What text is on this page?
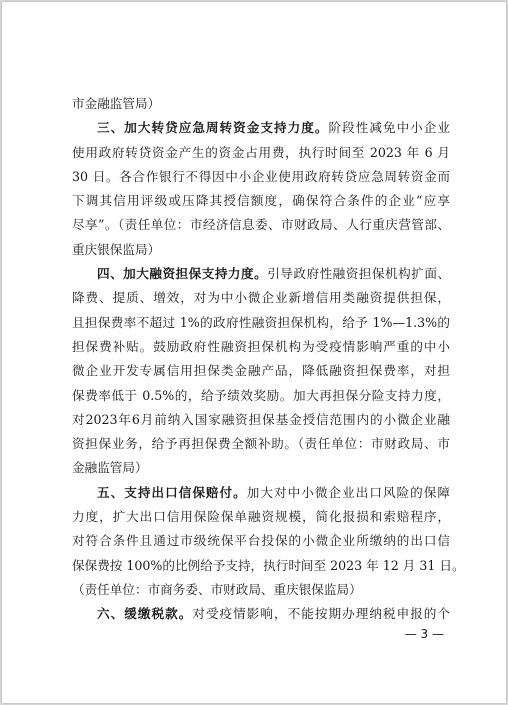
市金融监管局）
三、加大转贷应急周转资金支持力度。阶段性减免中小企业
使用政府转贷资金产生的资金占用费，执行时间至 2023 年 6 月
30 日。各合作银行不得因中小企业使用政府转贷应急周转资金而
下调其信用评级或压降其授信额度，确保符合条件的企业“应享
尽享”。（责任单位：市经济信息委、市财政局、人行重庆营管部、
重庆银保监局）
四、加大融资担保支持力度。引导政府性融资担保机构扩面、
降费、提质、增效，对为中小微企业新增信用类融资提供担保，
且担保费率不超过 1%的政府性融资担保机构，给予 1%—1.3%的
担保费补贴。鼓励政府性融资担保机构为受疫情影响严重的中小
微企业开发专属信用担保类金融产品，降低融资担保费率，对担
保费率低于 0.5%的，给予绩效奖励。加大再担保分险支持力度，
对2023年6月前纳入国家融资担保基金授信范围内的小微企业融
资担保业务，给予再担保费全额补助。（责任单位：市财政局、市
金融监管局）
五、支持出口信保赔付。加大对中小微企业出口风险的保障
力度，扩大出口信用保险保单融资规模，简化报损和索赔程序，
对符合条件且通过市级统保平台投保的小微企业所缴纳的出口信
保保费按 100%的比例给予支持，执行时间至 2023 年 12 月 31 日。
（责任单位：市商务委、市财政局、重庆银保监局）
六、缓缴税款。对受疫情影响，不能按期办理纳税申报的个
— 3 —
